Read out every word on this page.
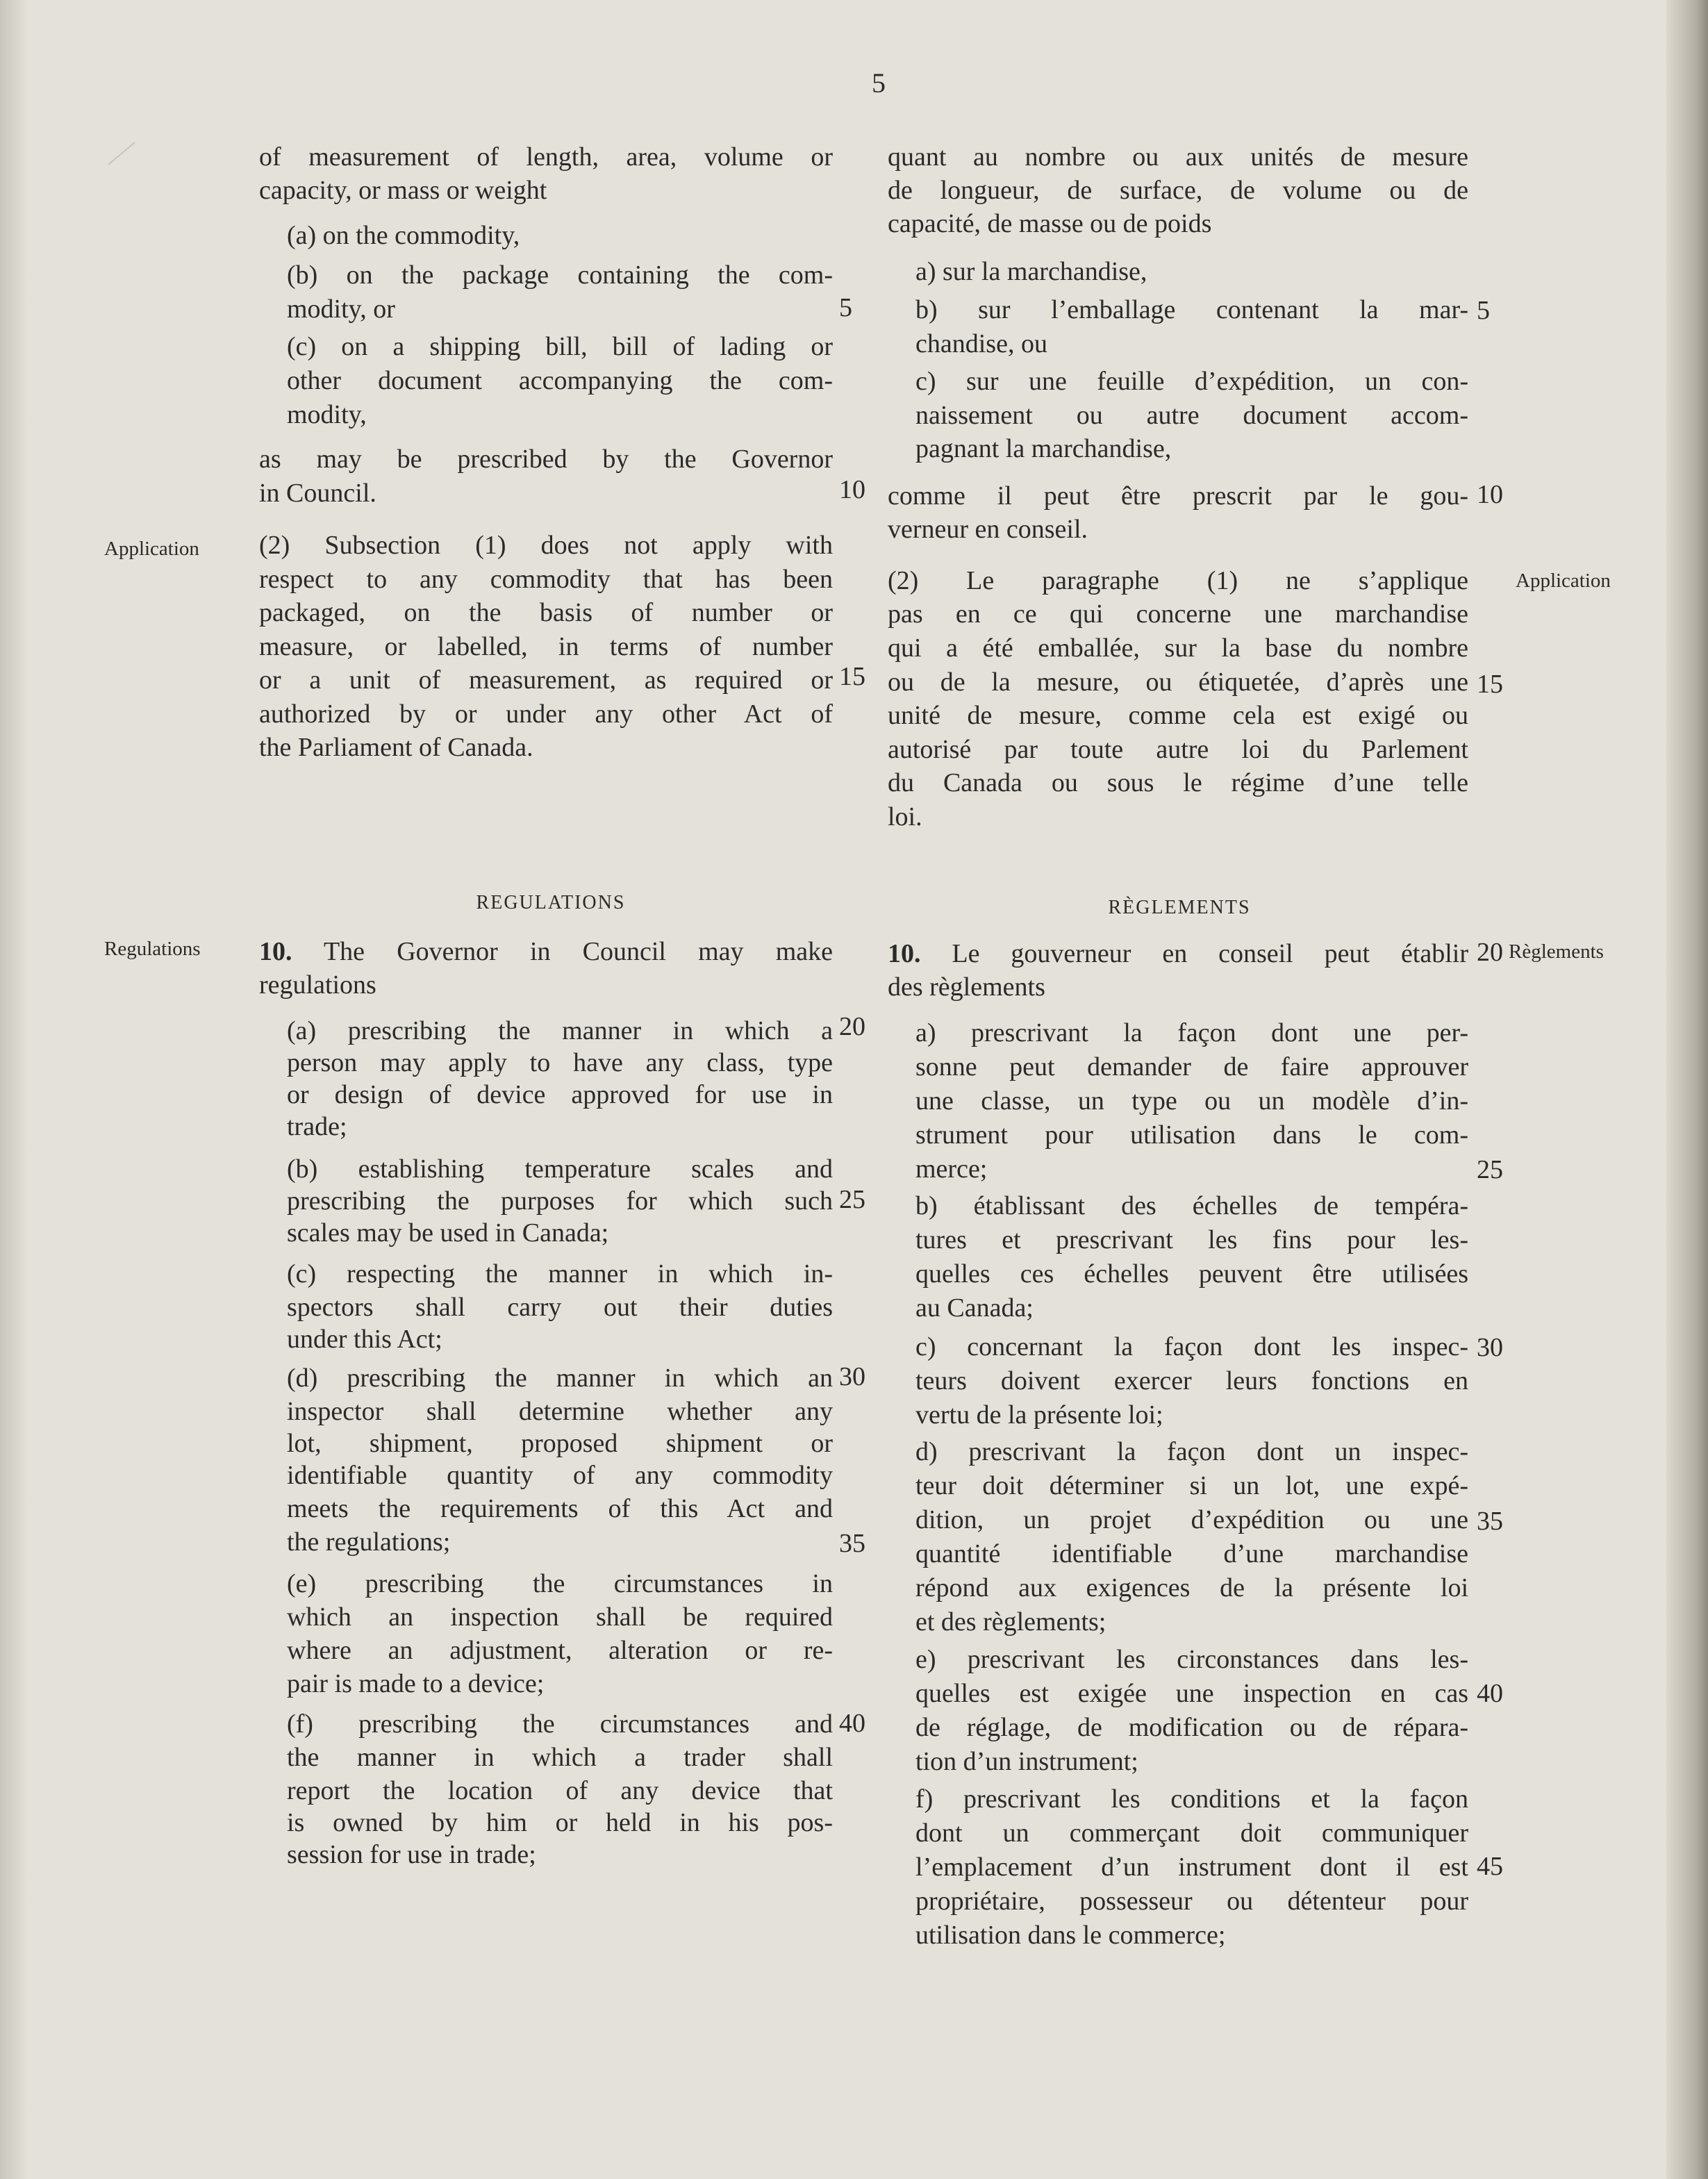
5
Application
Regulations
Application
Règlements
5
10
15
20
25
30
35
40
5
10
15
20
25
30
35
40
45
of measurement of length, area, volume or
capacity, or mass or weight
(a) on the commodity,
(b) on the package containing the com-
modity, or
(c) on a shipping bill, bill of lading or
other document accompanying the com-
modity,
as may be prescribed by the Governor
in Council.
(2) Subsection (1) does not apply with
respect to any commodity that has been
packaged, on the basis of number or
measure, or labelled, in terms of number
or a unit of measurement, as required or
authorized by or under any other Act of
the Parliament of Canada.
REGULATIONS
10. The Governor in Council may make
regulations
(a) prescribing the manner in which a
person may apply to have any class, type
or design of device approved for use in
trade;
(b) establishing temperature scales and
prescribing the purposes for which such
scales may be used in Canada;
(c) respecting the manner in which in-
spectors shall carry out their duties
under this Act;
(d) prescribing the manner in which an
inspector shall determine whether any
lot, shipment, proposed shipment or
identifiable quantity of any commodity
meets the requirements of this Act and
the regulations;
(e) prescribing the circumstances in
which an inspection shall be required
where an adjustment, alteration or re-
pair is made to a device;
(f) prescribing the circumstances and
the manner in which a trader shall
report the location of any device that
is owned by him or held in his pos-
session for use in trade;
quant au nombre ou aux unités de mesure
de longueur, de surface, de volume ou de
capacité, de masse ou de poids
a) sur la marchandise,
b) sur l’emballage contenant la mar-
chandise, ou
c) sur une feuille d’expédition, un con-
naissement ou autre document accom-
pagnant la marchandise,
comme il peut être prescrit par le gou-
verneur en conseil.
(2) Le paragraphe (1) ne s’applique
pas en ce qui concerne une marchandise
qui a été emballée, sur la base du nombre
ou de la mesure, ou étiquetée, d’après une
unité de mesure, comme cela est exigé ou
autorisé par toute autre loi du Parlement
du Canada ou sous le régime d’une telle
loi.
RÈGLEMENTS
10. Le gouverneur en conseil peut établir
des règlements
a) prescrivant la façon dont une per-
sonne peut demander de faire approuver
une classe, un type ou un modèle d’in-
strument pour utilisation dans le com-
merce;
b) établissant des échelles de tempéra-
tures et prescrivant les fins pour les-
quelles ces échelles peuvent être utilisées
au Canada;
c) concernant la façon dont les inspec-
teurs doivent exercer leurs fonctions en
vertu de la présente loi;
d) prescrivant la façon dont un inspec-
teur doit déterminer si un lot, une expé-
dition, un projet d’expédition ou une
quantité identifiable d’une marchandise
répond aux exigences de la présente loi
et des règlements;
e) prescrivant les circonstances dans les-
quelles est exigée une inspection en cas
de réglage, de modification ou de répara-
tion d’un instrument;
f) prescrivant les conditions et la façon
dont un commerçant doit communiquer
l’emplacement d’un instrument dont il est
propriétaire, possesseur ou détenteur pour
utilisation dans le commerce;
